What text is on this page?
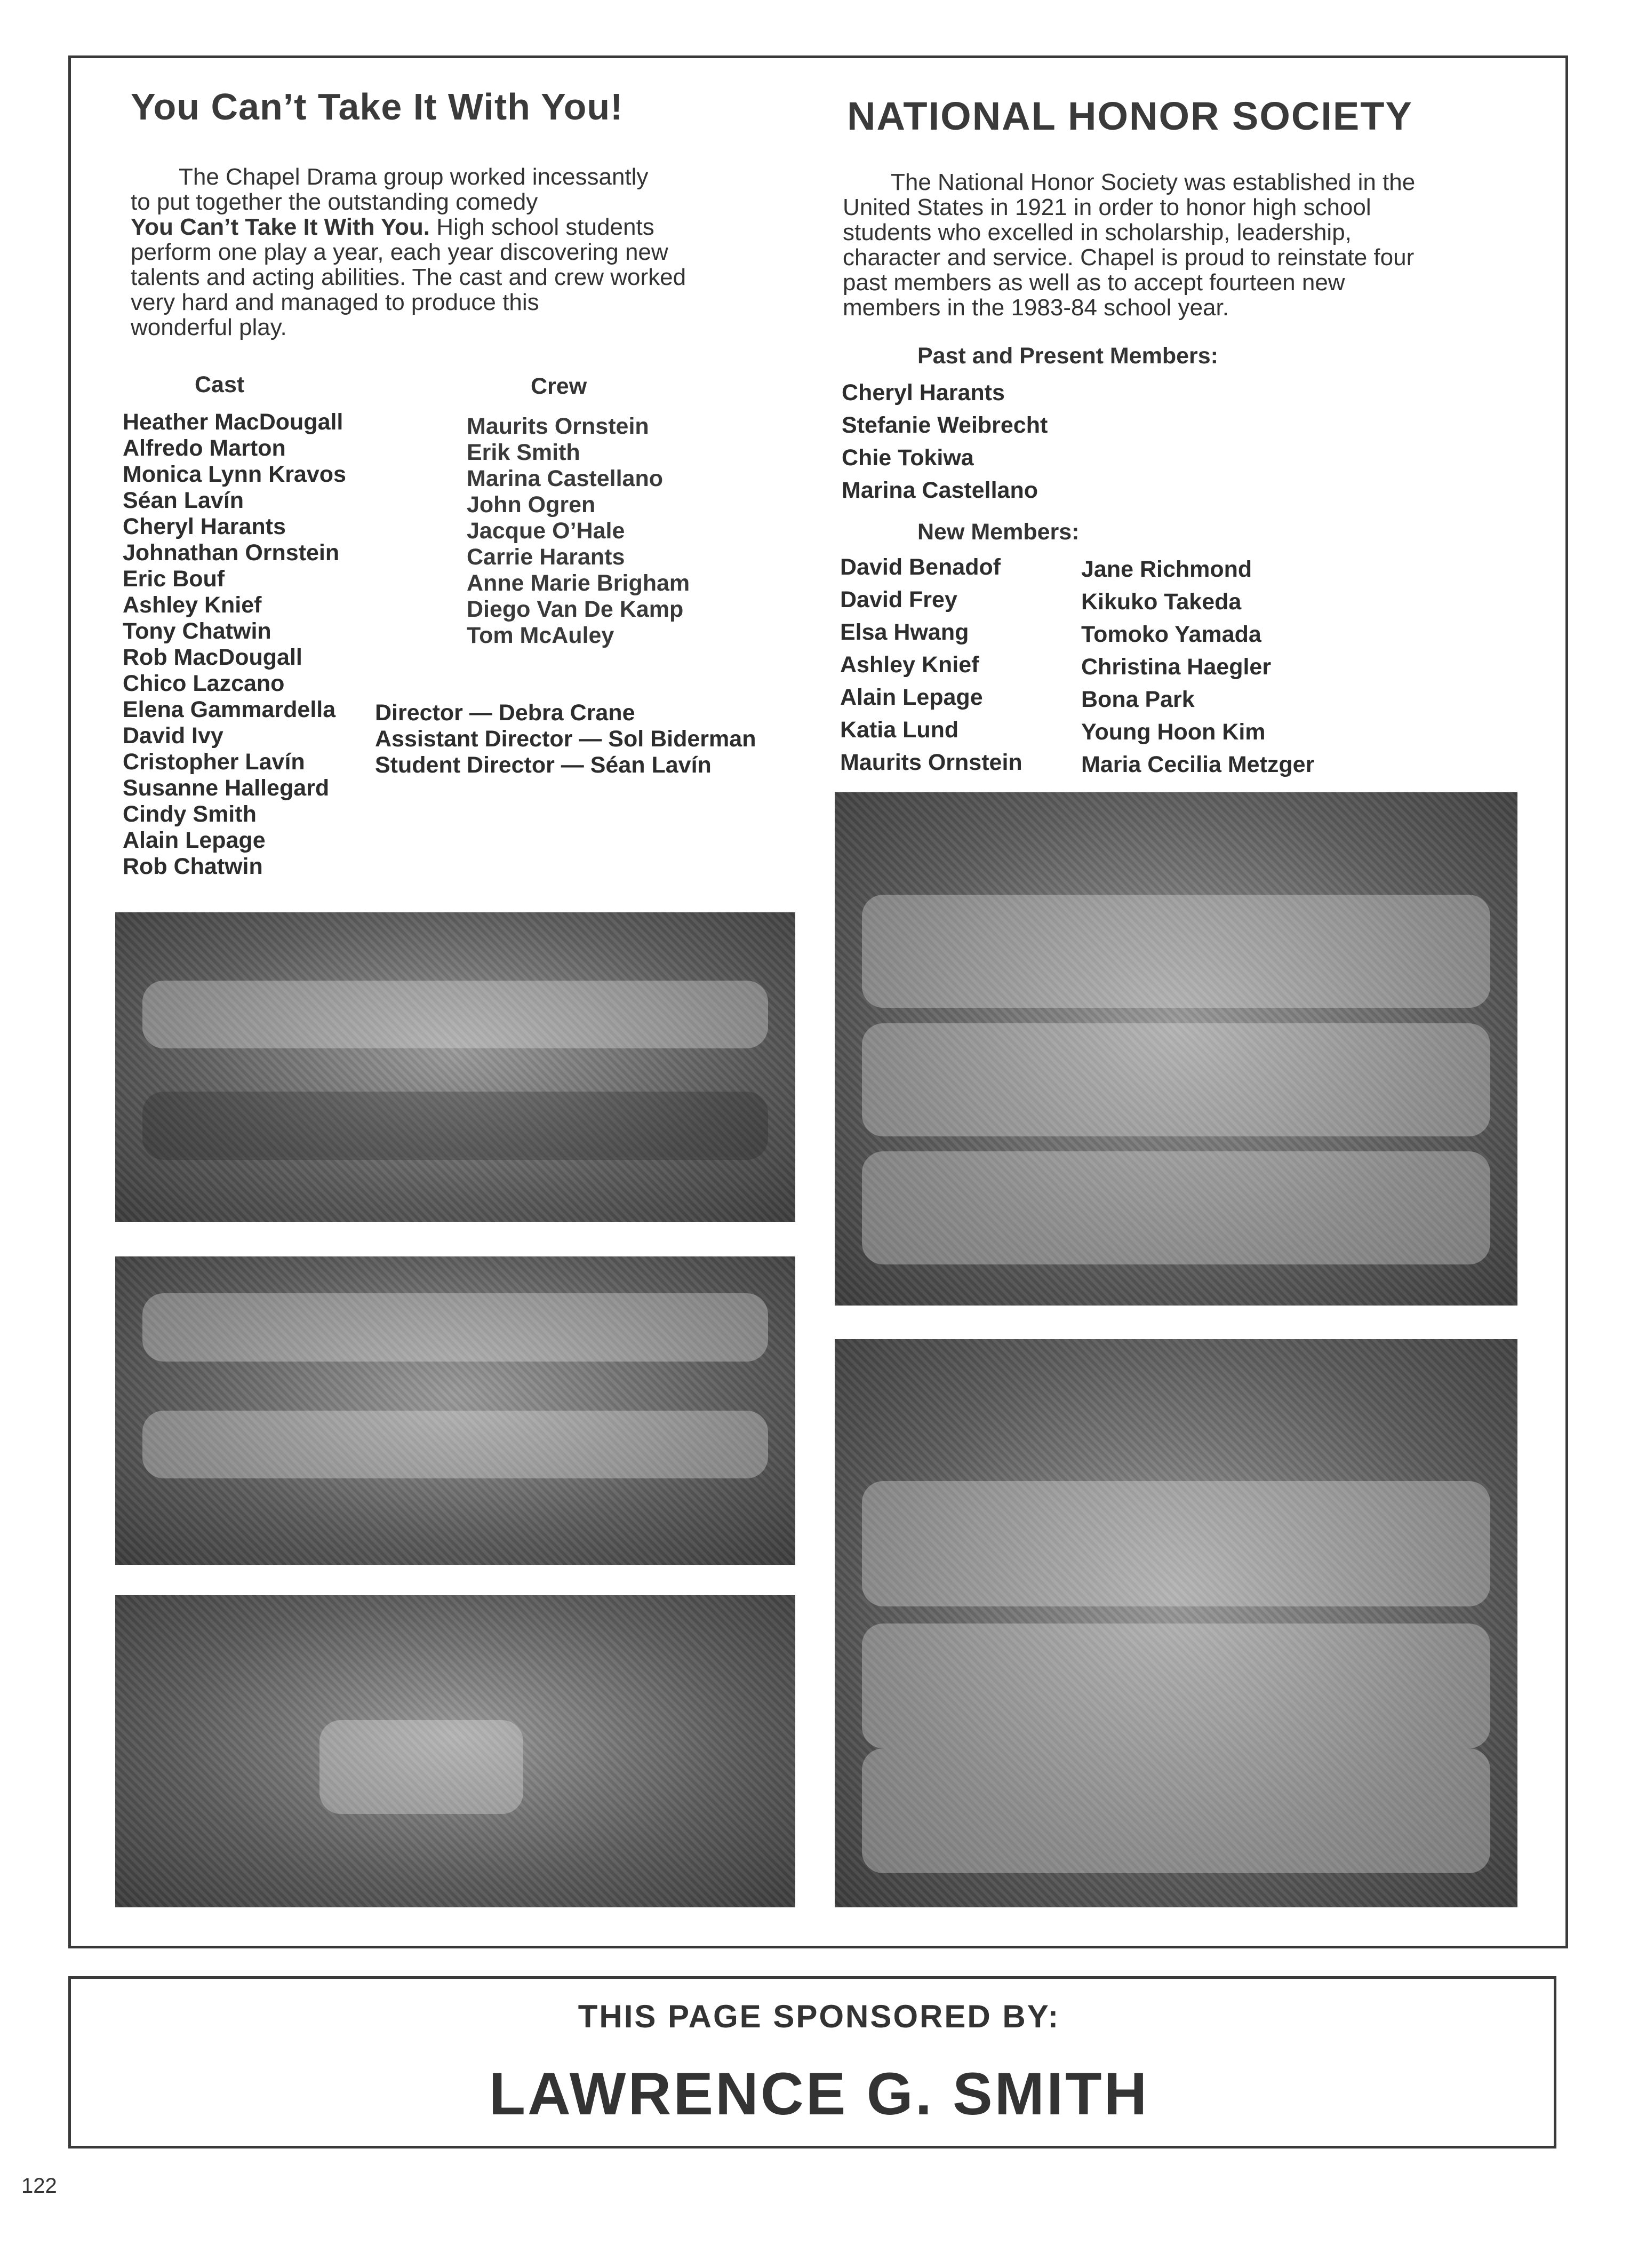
You Can’t Take It With You!
The Chapel Drama group worked incessantly
to put together the outstanding comedy
You Can’t Take It With You. High school students
perform one play a year, each year discovering new
talents and acting abilities. The cast and crew worked
very hard and managed to produce this
wonderful play.
Cast	Crew
Heather MacDougall
Alfredo Marton
Monica Lynn Kravos
Séan Lavín
Cheryl Harants
Johnathan Ornstein
Eric Bouf
Ashley Knief
Tony Chatwin
Rob MacDougall
Chico Lazcano
Elena Gammardella
David Ivy
Cristopher Lavín
Susanne Hallegard
Cindy Smith
Alain Lepage
Rob Chatwin
Maurits Ornstein
Erik Smith
Marina Castellano
John Ogren
Jacque O’Hale
Carrie Harants
Anne Marie Brigham
Diego Van De Kamp
Tom McAuley
Director — Debra Crane
Assistant Director — Sol Biderman
Student Director — Séan Lavín
NATIONAL HONOR SOCIETY
The National Honor Society was established in the
United States in 1921 in order to honor high school
students who excelled in scholarship, leadership,
character and service. Chapel is proud to reinstate four
past members as well as to accept fourteen new
members in the 1983-84 school year.
Past and Present Members:
Cheryl Harants
Stefanie Weibrecht
Chie Tokiwa
Marina Castellano
New Members:
David Benadof
David Frey
Elsa Hwang
Ashley Knief
Alain Lepage
Katia Lund
Maurits Ornstein
Jane Richmond
Kikuko Takeda
Tomoko Yamada
Christina Haegler
Bona Park
Young Hoon Kim
Maria Cecilia Metzger
THIS PAGE SPONSORED BY:
LAWRENCE G. SMITH
122
